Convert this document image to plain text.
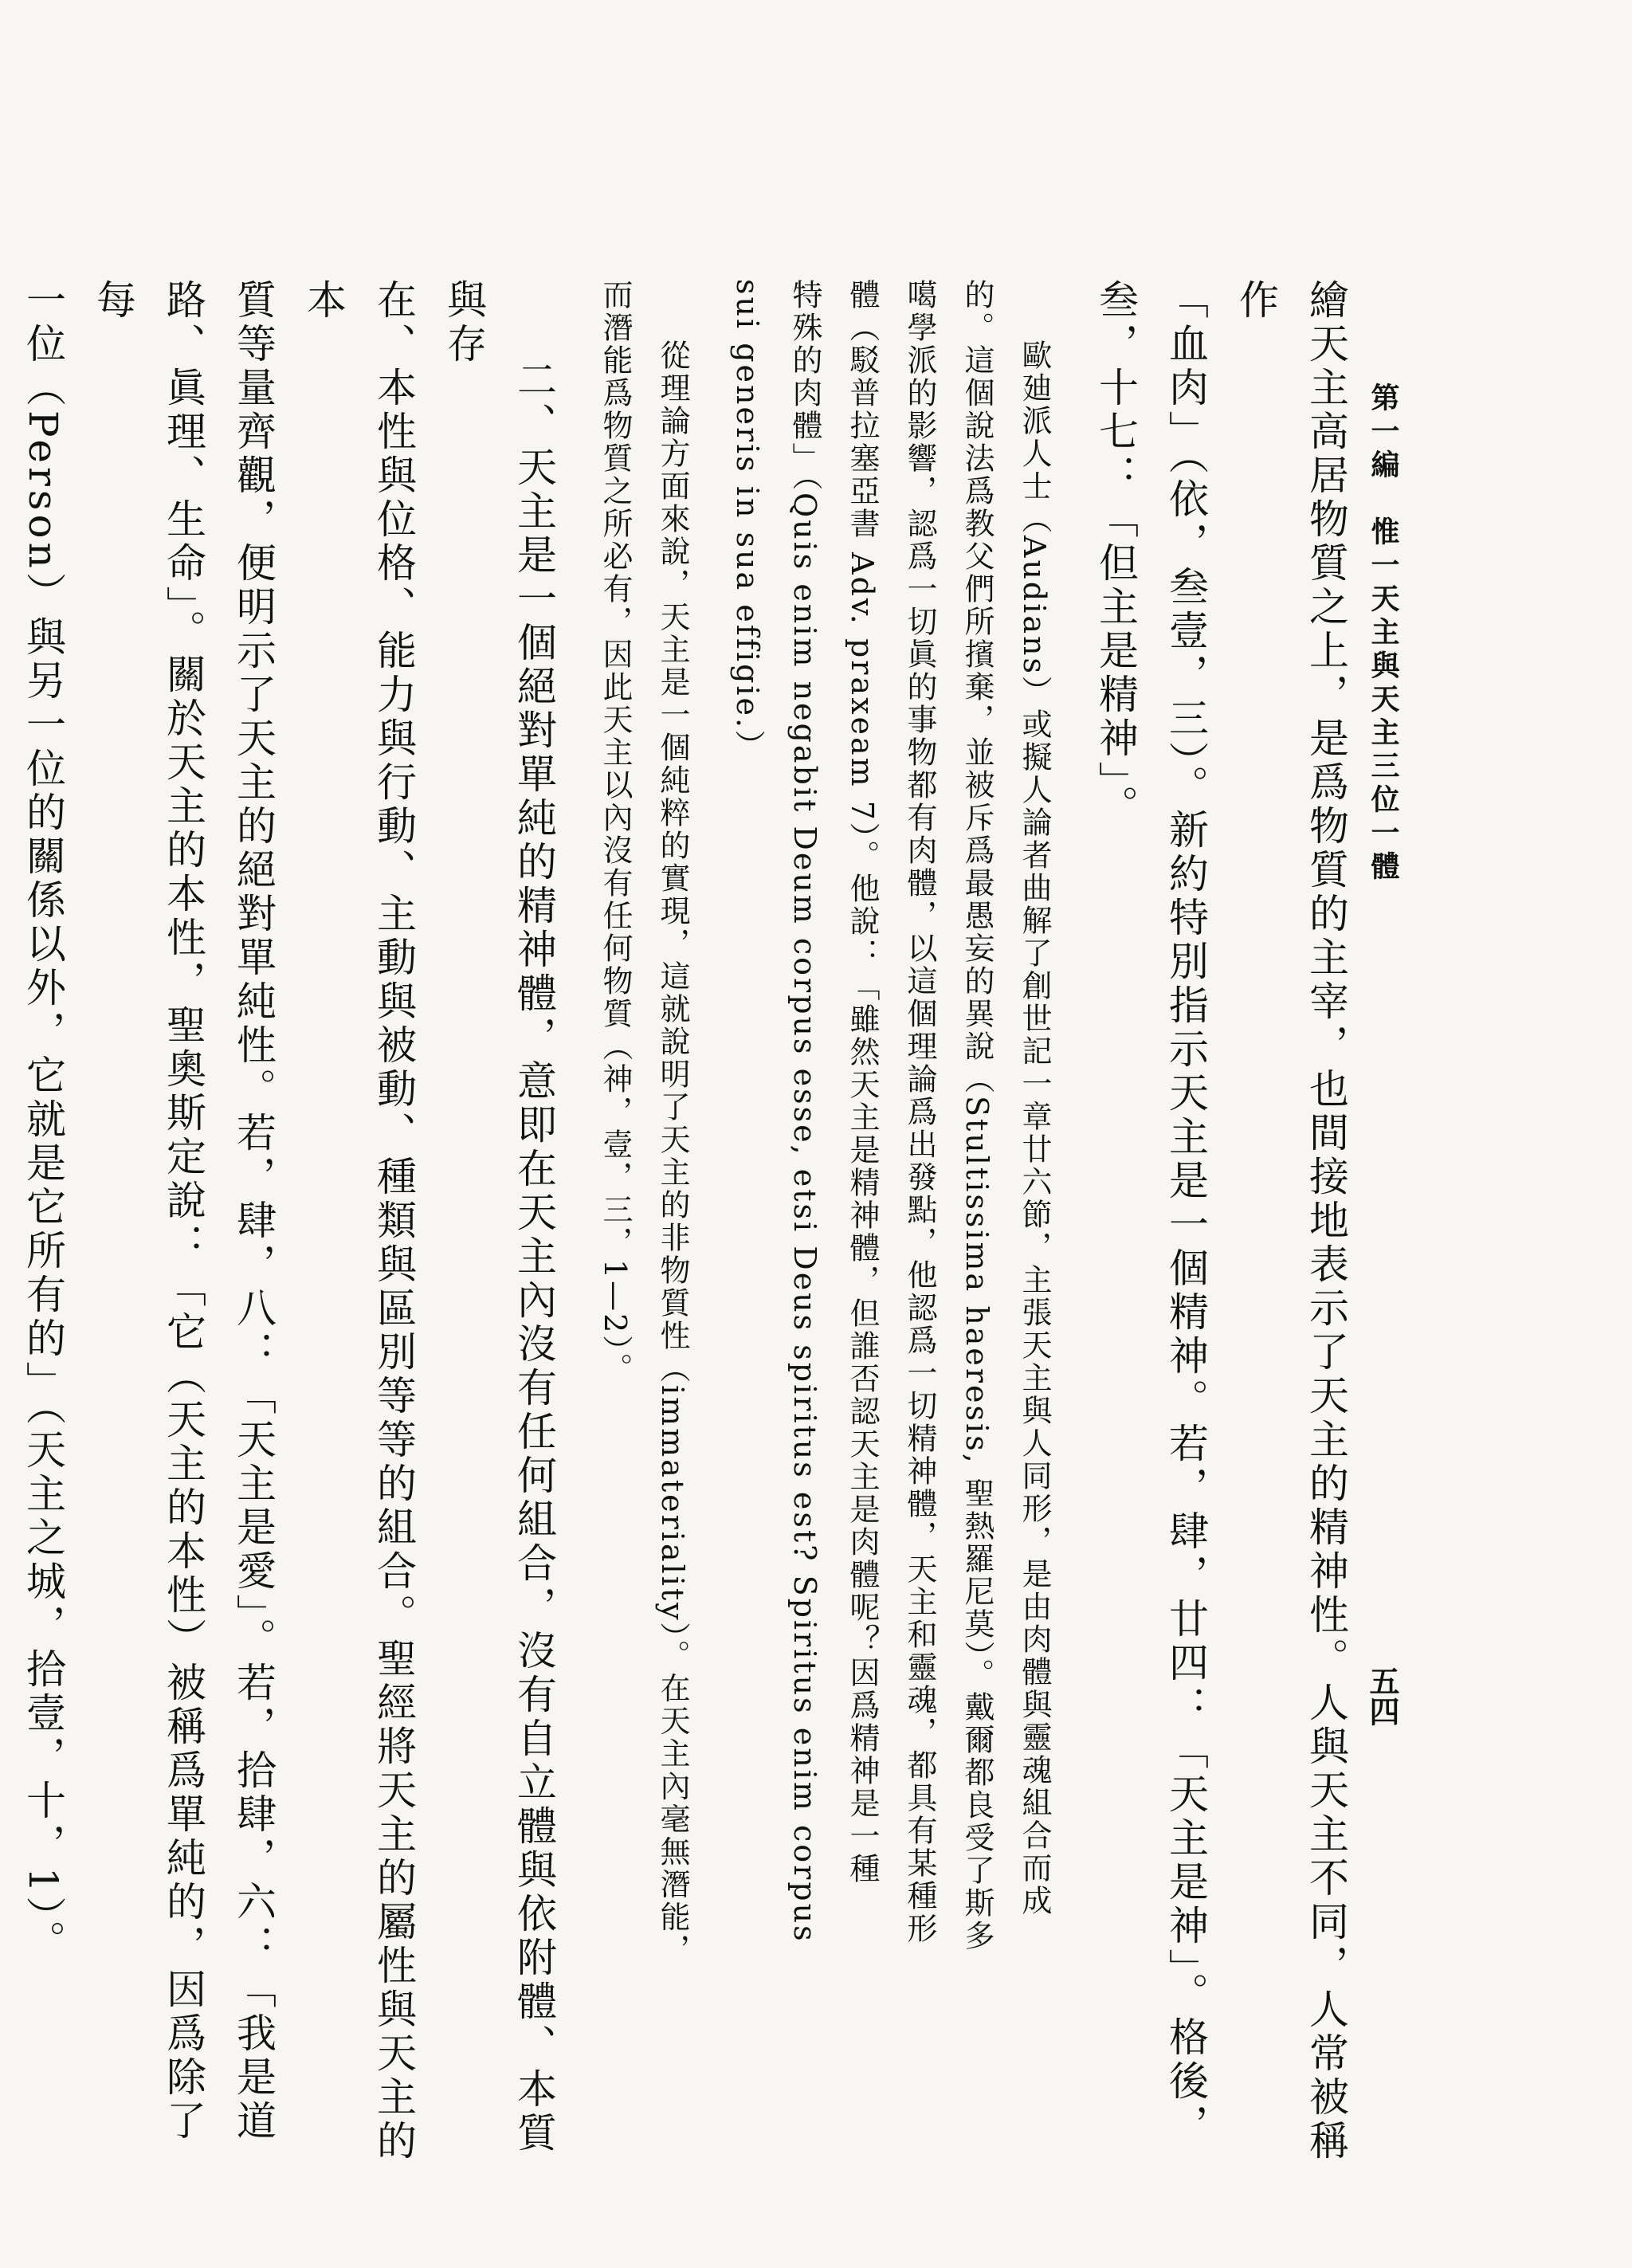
第一編　惟一天主與天主三位一體
五四

繪天主高居物質之上，是爲物質的主宰，也間接地表示了天主的精神性。人與天主不同，人常被稱作

「血肉」（依，叁壹，三）。新約特別指示天主是一個精神。若，肆，廿四：「天主是神」。格後，

叁，十七：「但主是精神」。

歐廸派人士（Audians）或擬人論者曲解了創世記一章廿六節，主張天主與人同形，是由肉體與靈魂組合而成

的。這個說法爲教父們所擯棄，並被斥爲最愚妄的異說（Stultissima haeresis, 聖熱羅尼莫）。戴爾都良受了斯多

噶學派的影響，認爲一切眞的事物都有肉體，以這個理論爲出發點，他認爲一切精神體，天主和靈魂，都具有某種形

體（駁普拉塞亞書 Adv. praxeam 7）。他說：「雖然天主是精神體，但誰否認天主是肉體呢？因爲精神是一種

特殊的肉體」（Quis enim negabit Deum corpus esse, etsi Deus spiritus est? Spiritus enim corpus

sui generis in sua effigie.）

從理論方面來說，天主是一個純粹的實現，這就說明了天主的非物質性（immateriality）。在天主內毫無潛能，

而潛能爲物質之所必有，因此天主以內沒有任何物質（神，壹，三，1—2）。

二、天主是一個絕對單純的精神體，意即在天主內沒有任何組合，沒有自立體與依附體、本質與存

在、本性與位格、能力與行動、主動與被動、種類與區別等等的組合。聖經將天主的屬性與天主的本

質等量齊觀，便明示了天主的絕對單純性。若，肆，八：「天主是愛」。若，拾肆，六：「我是道

路、眞理、生命」。關於天主的本性，聖奧斯定說：「它（天主的本性）被稱爲單純的，因爲除了每

一位（Person）與另一位的關係以外，它就是它所有的」（天主之城，拾壹，十，1）。
